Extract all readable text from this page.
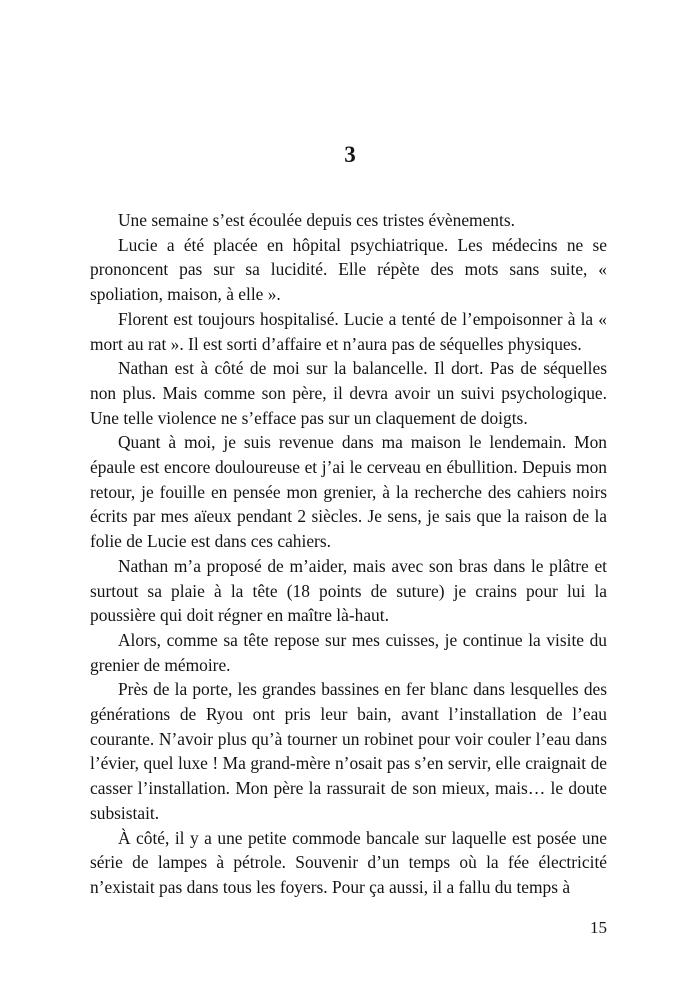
3

Une semaine s’est écoulée depuis ces tristes évènements.

Lucie a été placée en hôpital psychiatrique. Les médecins ne se prononcent pas sur sa lucidité. Elle répète des mots sans suite, « spoliation, maison, à elle ».

Florent est toujours hospitalisé. Lucie a tenté de l’empoisonner à la « mort au rat ». Il est sorti d’affaire et n’aura pas de séquelles physiques.

Nathan est à côté de moi sur la balancelle. Il dort. Pas de séquelles non plus. Mais comme son père, il devra avoir un suivi psychologique. Une telle violence ne s’efface pas sur un claquement de doigts.

Quant à moi, je suis revenue dans ma maison le lendemain. Mon épaule est encore douloureuse et j’ai le cerveau en ébullition. Depuis mon retour, je fouille en pensée mon grenier, à la recherche des cahiers noirs écrits par mes aïeux pendant 2 siècles. Je sens, je sais que la raison de la folie de Lucie est dans ces cahiers.

Nathan m’a proposé de m’aider, mais avec son bras dans le plâtre et surtout sa plaie à la tête (18 points de suture) je crains pour lui la poussière qui doit régner en maître là-haut.

Alors, comme sa tête repose sur mes cuisses, je continue la visite du grenier de mémoire.

Près de la porte, les grandes bassines en fer blanc dans lesquelles des générations de Ryou ont pris leur bain, avant l’installation de l’eau courante. N’avoir plus qu’à tourner un robinet pour voir couler l’eau dans l’évier, quel luxe ! Ma grand-mère n’osait pas s’en servir, elle craignait de casser l’installation. Mon père la rassurait de son mieux, mais… le doute subsistait.

À côté, il y a une petite commode bancale sur laquelle est posée une série de lampes à pétrole. Souvenir d’un temps où la fée électricité n’existait pas dans tous les foyers. Pour ça aussi, il a fallu du temps à

15
